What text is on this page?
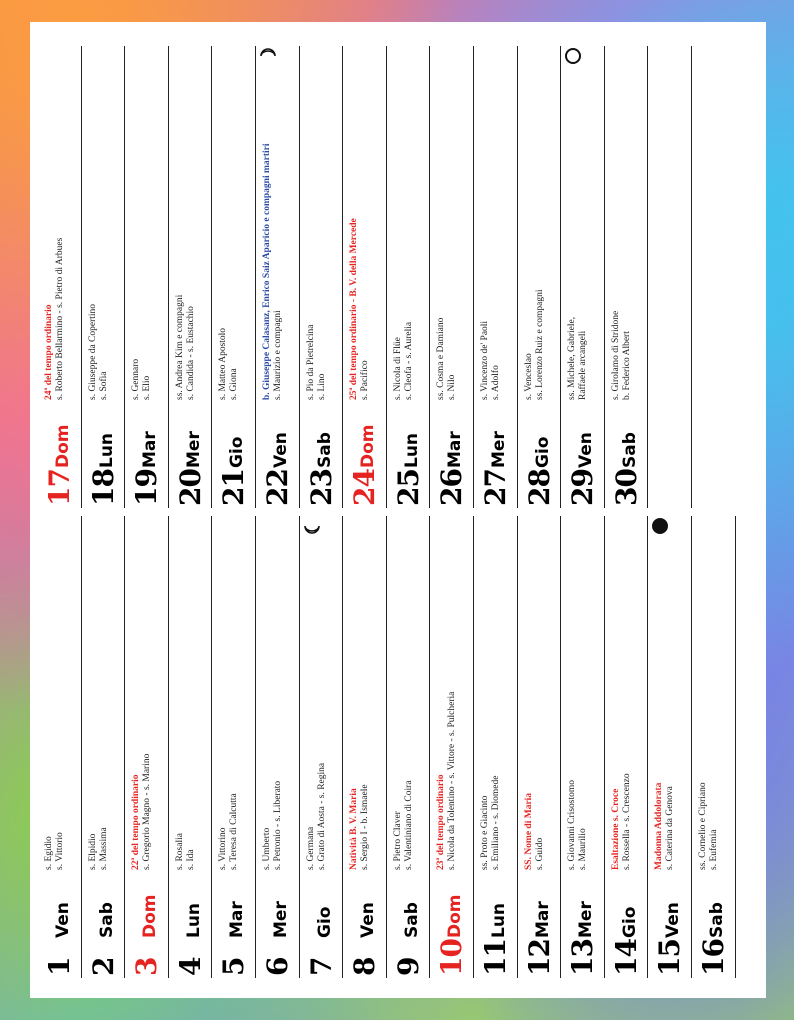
1
Ven
s. Egidio s. Vittorio
2
Sab
s. Elpidio s. Massima
3
Dom
22ª del tempo ordinario s. Gregorio Magno - s. Marino
4
Lun
s. Rosalia s. Ida
5
Mar
s. Vittorino s. Teresa di Calcutta
6
Mer
s. Umberto s. Petronio - s. Liberato
7
Gio
s. Germana s. Grato di Aosta - s. Regina
8
Ven
Natività B. V. Maria s. Sergio I - b. Ismaele
9
Sab
s. Pietro Claver s. Valentiniano di Coira
10
Dom
23ª del tempo ordinario s. Nicola da Tolentino - s. Vittore - s. Pulcheria
11
Lun
ss. Proto e Giacinto s. Emiliano - s. Diomede
12
Mar
SS. Nome di Maria s. Guido
13
Mer
s. Giovanni Crisostomo s. Maurilio
14
Gio
Esaltazione s. Croce s. Rossella - s. Crescenzo
15
Ven
Madonna Addolorata s. Caterina da Genova
16
Sab
ss. Cornelio e Cipriano s. Eufemia
17
Dom
24ª del tempo ordinario s. Roberto Bellarmino - s. Pietro di Arbues
18
Lun
s. Giuseppe da Copertino s. Sofia
19
Mar
s. Gennaro s. Elio
20
Mer
ss. Andrea Kim e compagni s. Candida - s. Eustachio
21
Gio
s. Matteo Apostolo s. Giona
22
Ven
b. Giuseppe Calasanz, Enrico Saiz Aparicio e compagni martiri s. Maurizio e compagni
23
Sab
s. Pio da Pietrelcina s. Lino
24
Dom
25ª del tempo ordinario - B. V. della Mercede s. Pacifico
25
Lun
s. Nicola di Flüe s. Cleofa - s. Aurelia
26
Mar
ss. Cosma e Damiano s. Nilo
27
Mer
s. Vincenzo de' Paoli s. Adolfo
28
Gio
s. Venceslao ss. Lorenzo Ruiz e compagni
29
Ven
ss. Michele, Gabriele, Raffaele arcangeli
30
Sab
s. Girolamo di Stridone b. Federico Albert
